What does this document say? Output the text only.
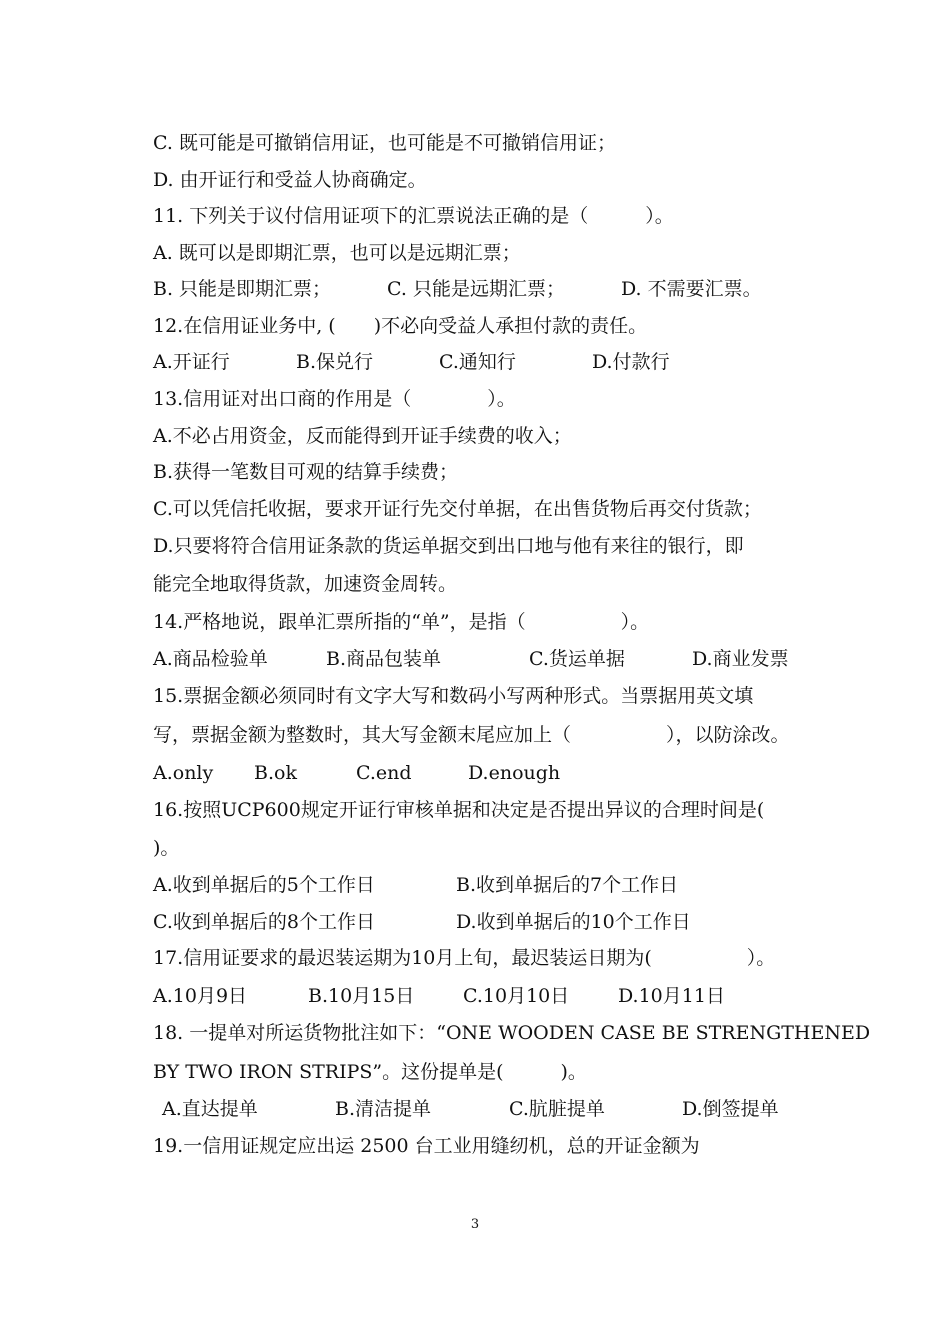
C. 既可能是可撤销信用证，也可能是不可撤销信用证；
D. 由开证行和受益人协商确定。
11. 下列关于议付信用证项下的汇票说法正确的是（　　　）。
A. 既可以是即期汇票，也可以是远期汇票；
B. 只能是即期汇票；	C. 只能是远期汇票；	D. 不需要汇票。
12.在信用证业务中, (　　)不必向受益人承担付款的责任。
A.开证行	B.保兑行	C.通知行	D.付款行
13.信用证对出口商的作用是（　　　　）。
A.不必占用资金，反而能得到开证手续费的收入；
B.获得一笔数目可观的结算手续费；
C.可以凭信托收据，要求开证行先交付单据，在出售货物后再交付货款；
D.只要将符合信用证条款的货运单据交到出口地与他有来往的银行，即
能完全地取得货款，加速资金周转。
14.严格地说，跟单汇票所指的“单”，是指（　　　　　）。
A.商品检验单	B.商品包装单	C.货运单据	D.商业发票
15.票据金额必须同时有文字大写和数码小写两种形式。当票据用英文填
写，票据金额为整数时，其大写金额末尾应加上（　　　　　），以防涂改。
A.only B.ok	C.end	D.enough
16.按照UCP600规定开证行审核单据和决定是否提出异议的合理时间是(
)。
A.收到单据后的5个工作日	B.收到单据后的7个工作日
C.收到单据后的8个工作日	D.收到单据后的10个工作日
17.信用证要求的最迟装运期为10月上旬，最迟装运日期为(　　　　　）。
A.10月9日	B.10月15日	C.10月10日	D.10月11日
18. 一提单对所运货物批注如下：“ONE WOODEN CASE BE STRENGTHENED
BY TWO IRON STRIPS”。这份提单是(　　　)。
A.直达提单	B.清洁提单	C.肮脏提单	D.倒签提单
19.一信用证规定应出运 2500 台工业用缝纫机，总的开证金额为
3
